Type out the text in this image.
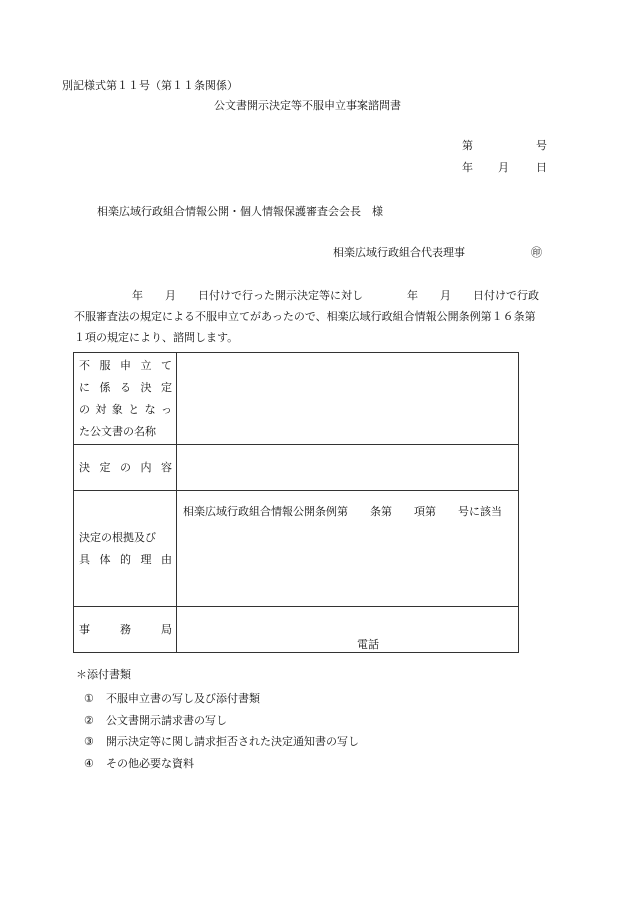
別記様式第１１号（第１１条関係）
公文書開示決定等不服申立事案諮問書
第	号
年 月 日
相楽広域行政組合情報公開・個人情報保護審査会会長　様
相楽広域行政組合代表理事	㊞
年　　月　　日付けで行った開示決定等に対し　　　　年　　月　　日付けで行政
不服審査法の規定による不服申立てがあったので、相楽広域行政組合情報公開条例第１６条第
１項の規定により、諮問します。
不服申立て
に係る決定
の対象となっ
た公文書の名称	

決定の内容	

決定の根拠及び
具体的理由	相楽広域行政組合情報公開条例第　　条第　　項第　　号に該当

事務局	電話
＊添付書類
① 不服申立書の写し及び添付書類
② 公文書開示請求書の写し
③ 開示決定等に関し請求拒否された決定通知書の写し
④ その他必要な資料
